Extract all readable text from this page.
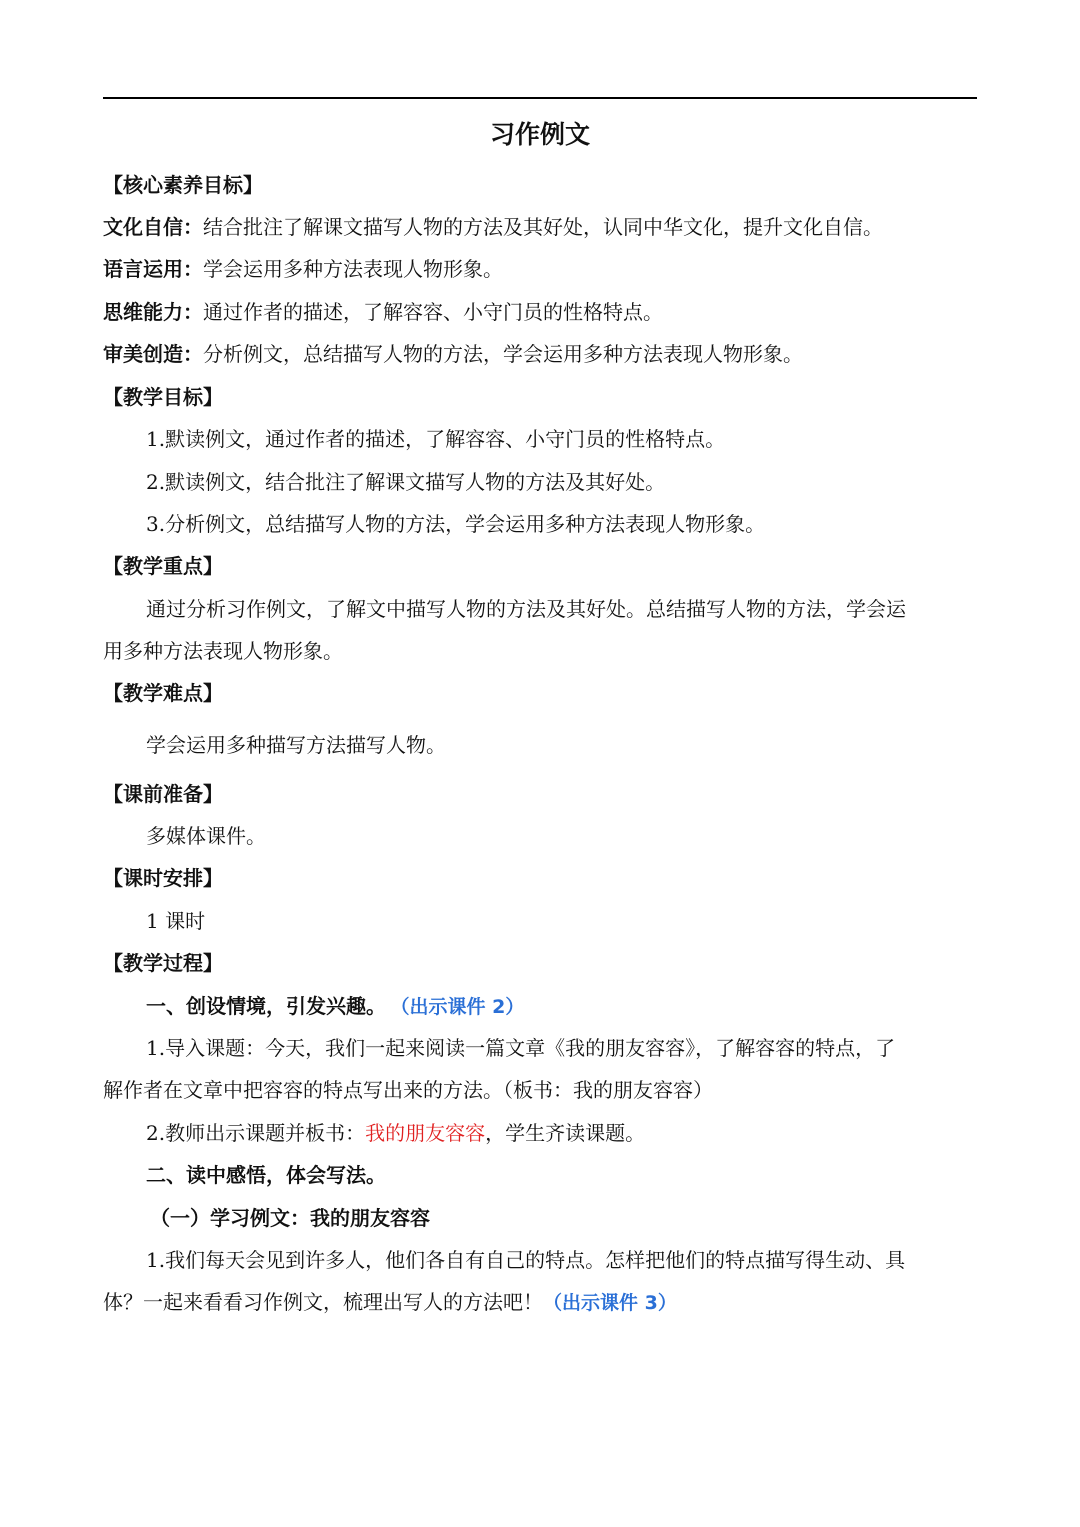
习作例文
【核心素养目标】
文化自信：结合批注了解课文描写人物的方法及其好处，认同中华文化，提升文化自信。
语言运用：学会运用多种方法表现人物形象。
思维能力：通过作者的描述，了解容容、小守门员的性格特点。
审美创造：分析例文，总结描写人物的方法，学会运用多种方法表现人物形象。
【教学目标】
1.默读例文，通过作者的描述，了解容容、小守门员的性格特点。
2.默读例文，结合批注了解课文描写人物的方法及其好处。
3.分析例文，总结描写人物的方法，学会运用多种方法表现人物形象。
【教学重点】
通过分析习作例文，了解文中描写人物的方法及其好处。总结描写人物的方法，学会运
用多种方法表现人物形象。
【教学难点】
学会运用多种描写方法描写人物。
【课前准备】
多媒体课件。
【课时安排】
1 课时
【教学过程】
一、创设情境，引发兴趣。 （出示课件 2）
1.导入课题：今天，我们一起来阅读一篇文章《我的朋友容容》，了解容容的特点，了
解作者在文章中把容容的特点写出来的方法。（板书：我的朋友容容）
2.教师出示课题并板书：我的朋友容容，学生齐读课题。
二、读中感悟，体会写法。
（一）学习例文：我的朋友容容
1.我们每天会见到许多人，他们各自有自己的特点。怎样把他们的特点描写得生动、具
体？一起来看看习作例文，梳理出写人的方法吧！（出示课件 3）
